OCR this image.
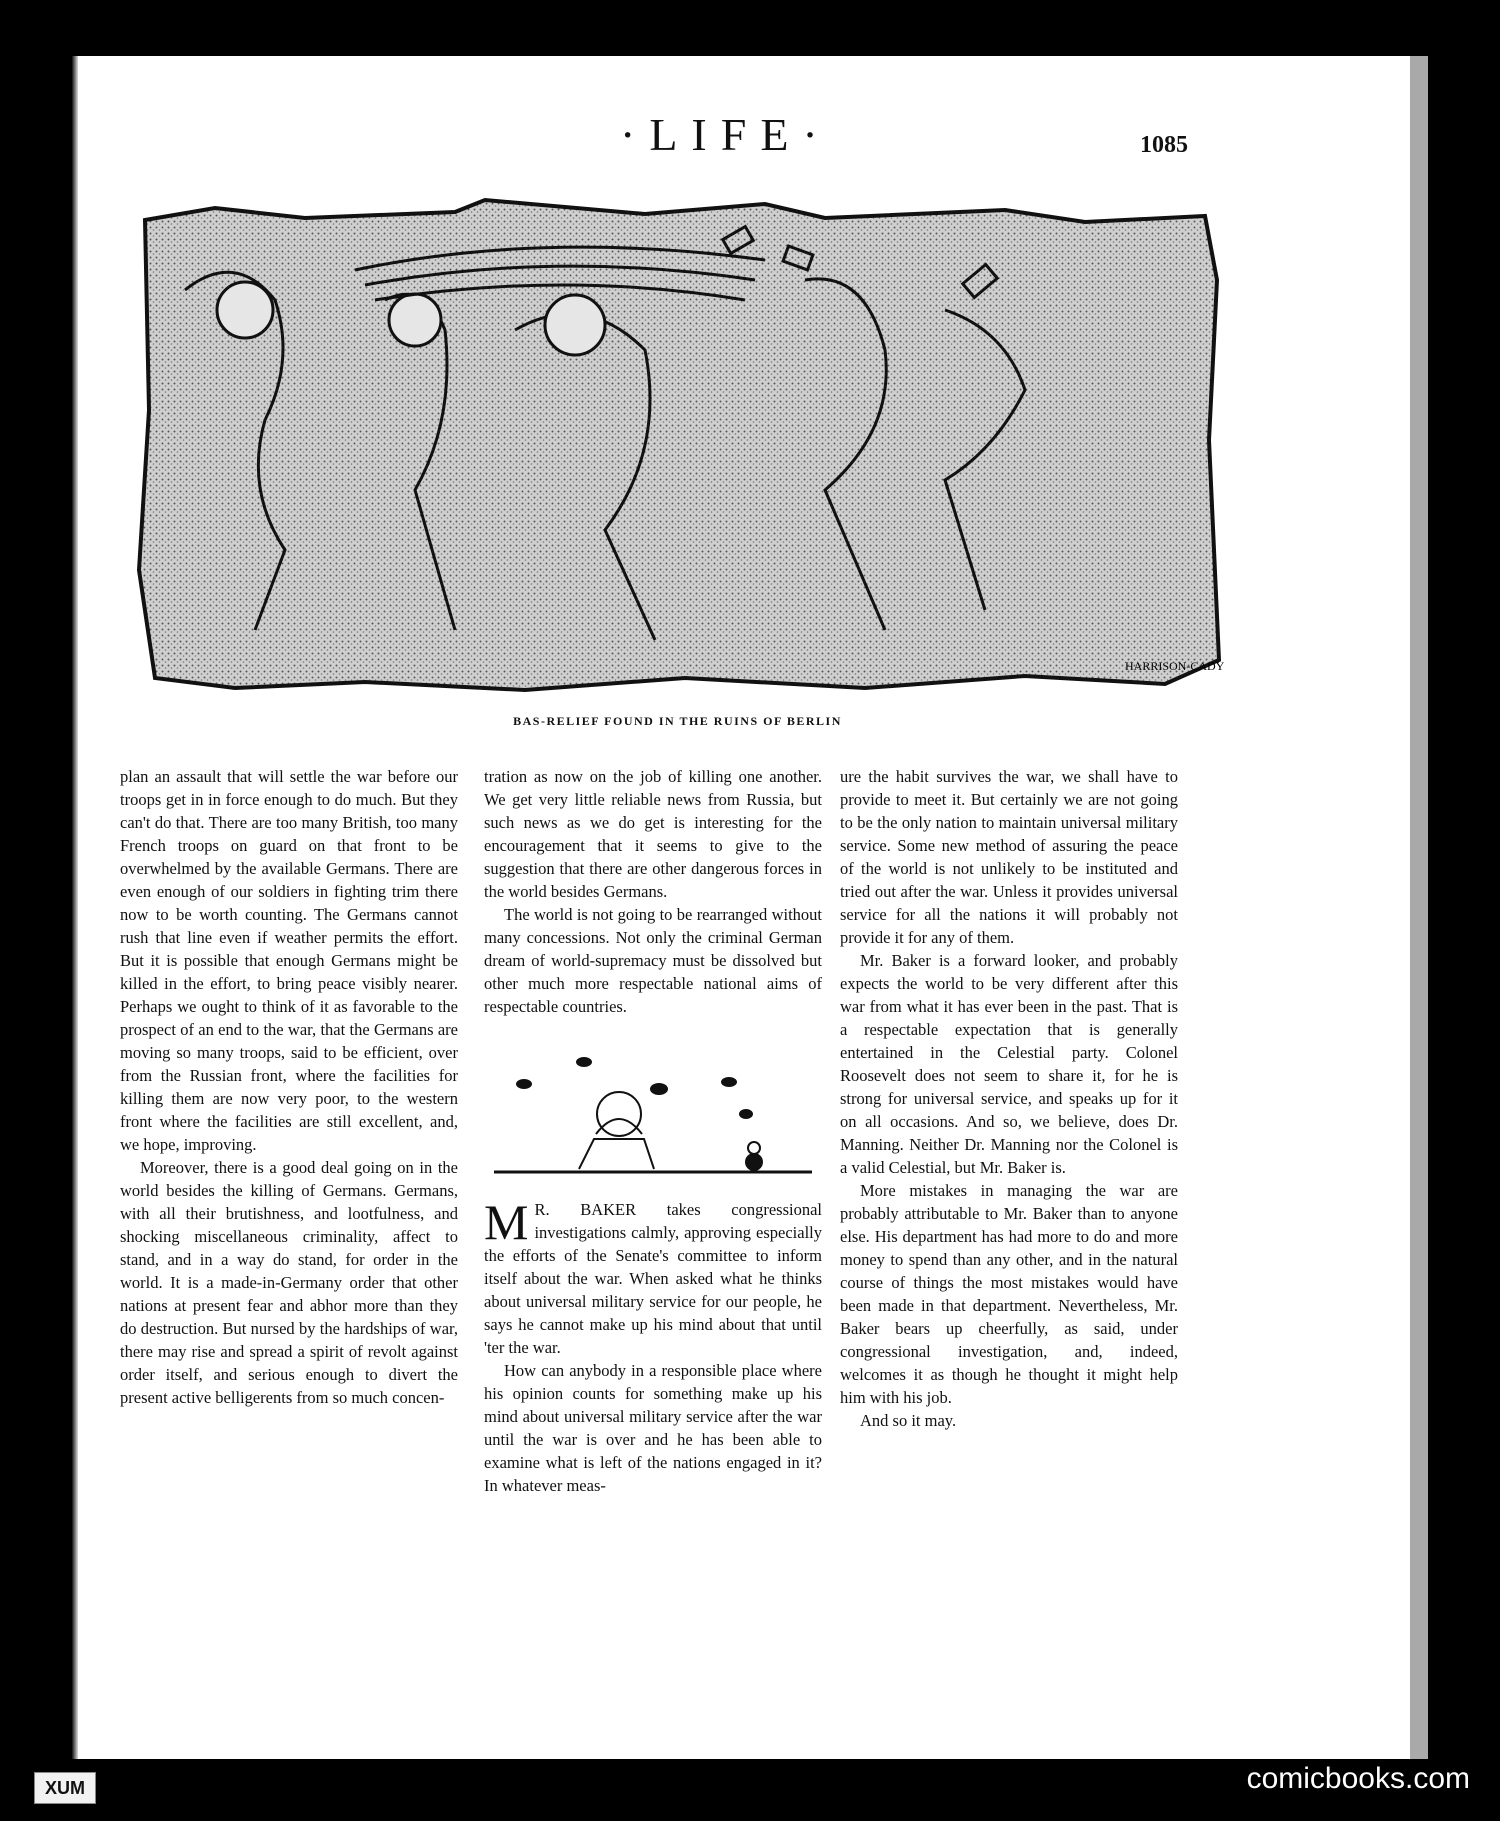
·LIFE·	1085
HARRISON-CADY
BAS-RELIEF FOUND IN THE RUINS OF BERLIN

plan an assault that will settle the war before our troops get in in force enough to do much. But they can't do that. There are too many British, too many French troops on guard on that front to be overwhelmed by the available Germans. There are even enough of our soldiers in fighting trim there now to be worth counting. The Germans cannot rush that line even if weather permits the effort. But it is possible that enough Germans might be killed in the effort, to bring peace visibly nearer. Perhaps we ought to think of it as favorable to the prospect of an end to the war, that the Germans are moving so many troops, said to be efficient, over from the Russian front, where the facilities for killing them are now very poor, to the western front where the facilities are still excellent, and, we hope, improving.

Moreover, there is a good deal going on in the world besides the killing of Germans. Germans, with all their brutishness, and lootfulness, and shocking miscellaneous criminality, affect to stand, and in a way do stand, for order in the world. It is a made-in-Germany order that other nations at present fear and abhor more than they do destruction. But nursed by the hardships of war, there may rise and spread a spirit of revolt against order itself, and serious enough to divert the present active belligerents from so much concen-

tration as now on the job of killing one another. We get very little reliable news from Russia, but such news as we do get is interesting for the encouragement that it seems to give to the suggestion that there are other dangerous forces in the world besides Germans.

The world is not going to be rearranged without many concessions. Not only the criminal German dream of world-supremacy must be dissolved but other much more respectable national aims of respectable countries.

M R. BAKER takes congressional investigations calmly, approving especially the efforts of the Senate's committee to inform itself about the war. When asked what he thinks about universal military service for our people, he says he cannot make up his mind about that until 'ter the war.

How can anybody in a responsible place where his opinion counts for something make up his mind about universal military service after the war until the war is over and he has been able to examine what is left of the nations engaged in it? In whatever meas-

ure the habit survives the war, we shall have to provide to meet it. But certainly we are not going to be the only nation to maintain universal military service. Some new method of assuring the peace of the world is not unlikely to be instituted and tried out after the war. Unless it provides universal service for all the nations it will probably not provide it for any of them.

Mr. Baker is a forward looker, and probably expects the world to be very different after this war from what it has ever been in the past. That is a respectable expectation that is generally entertained in the Celestial party. Colonel Roosevelt does not seem to share it, for he is strong for universal service, and speaks up for it on all occasions. And so, we believe, does Dr. Manning. Neither Dr. Manning nor the Colonel is a valid Celestial, but Mr. Baker is.

More mistakes in managing the war are probably attributable to Mr. Baker than to anyone else. His department has had more to do and more money to spend than any other, and in the natural course of things the most mistakes would have been made in that department. Nevertheless, Mr. Baker bears up cheerfully, as said, under congressional investigation, and, indeed, welcomes it as though he thought it might help him with his job.

And so it may.

XUM	comicbooks.com
